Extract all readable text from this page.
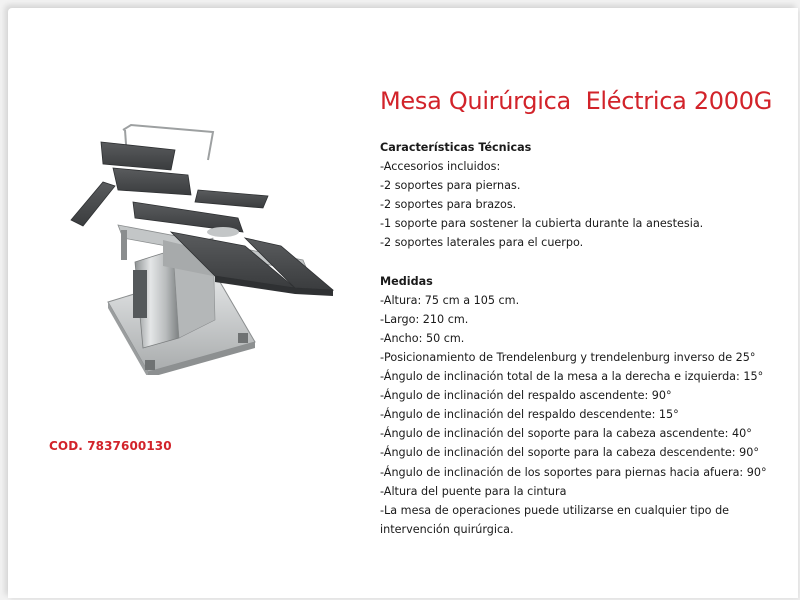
COD. 7837600130
Mesa Quirúrgica  Eléctrica 2000G
Características Técnicas
-Accesorios incluidos:
-2 soportes para piernas.
-2 soportes para brazos.
-1 soporte para sostener la cubierta durante la anestesia.
-2 soportes laterales para el cuerpo.
Medidas
-Altura: 75 cm a 105 cm.
-Largo: 210 cm.
-Ancho: 50 cm.
-Posicionamiento de Trendelenburg y trendelenburg inverso de 25°
-Ángulo de inclinación total de la mesa a la derecha e izquierda: 15°
-Ángulo de inclinación del respaldo ascendente: 90°
-Ángulo de inclinación del respaldo descendente: 15°
-Ángulo de inclinación del soporte para la cabeza ascendente: 40°
-Ángulo de inclinación del soporte para la cabeza descendente: 90°
-Ángulo de inclinación de los soportes para piernas hacia afuera: 90°
-Altura del puente para la cintura
-La mesa de operaciones puede utilizarse en cualquier tipo de intervención quirúrgica.
